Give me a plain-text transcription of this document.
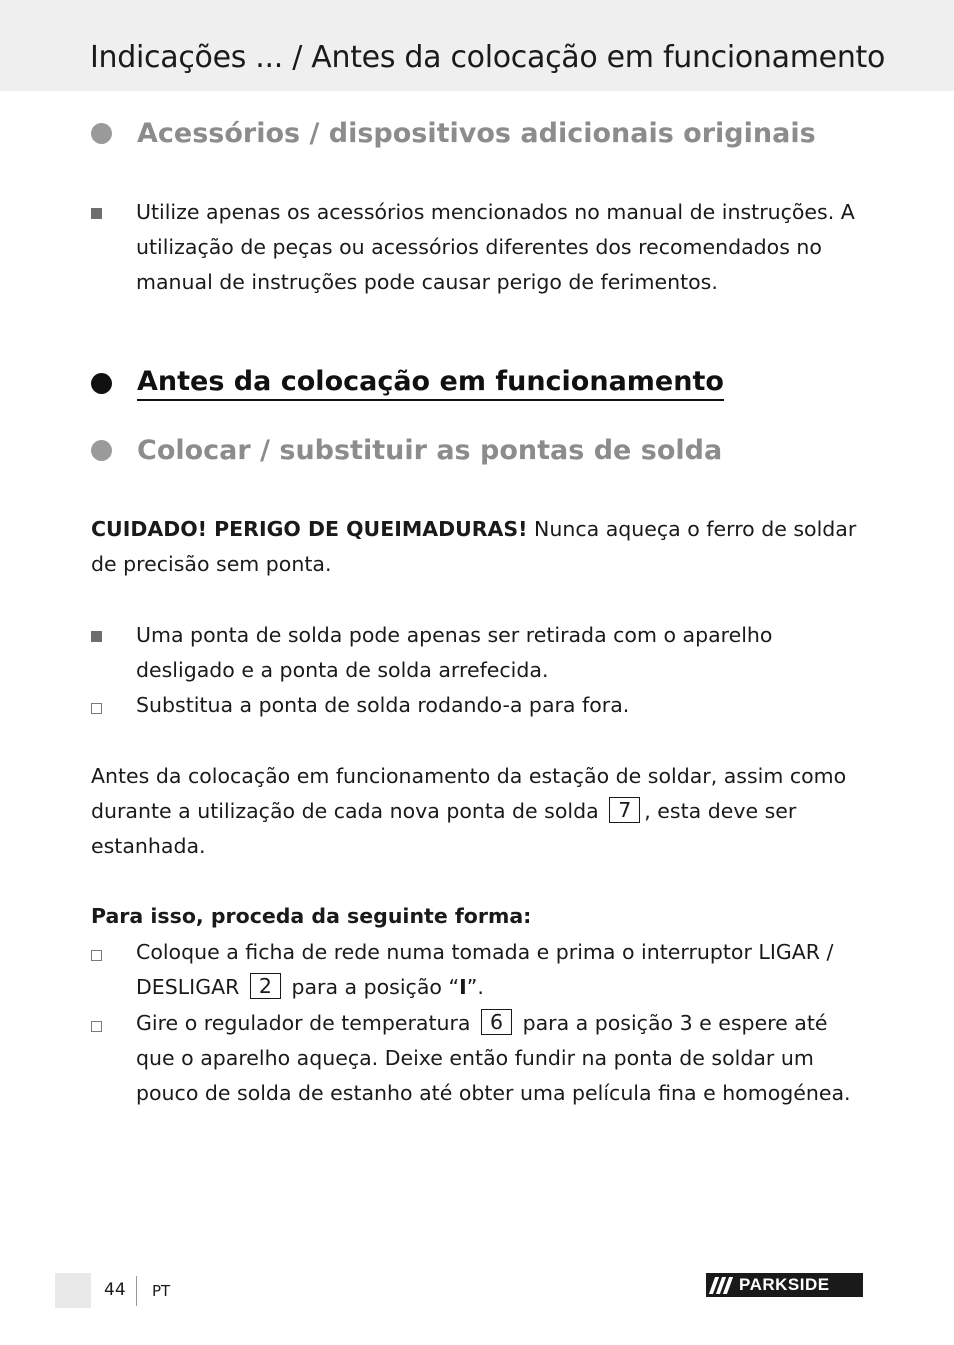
Indicações ... / Antes da colocação em funcionamento
Acessórios / dispositivos adicionais originais
Utilize apenas os acessórios mencionados no manual de instruções. A utilização de peças ou acessórios diferentes dos recomendados no manual de instruções pode causar perigo de ferimentos.
Antes da colocação em funcionamento
Colocar / substituir as pontas de solda
CUIDADO! PERIGO DE QUEIMADURAS! Nunca aqueça o ferro de soldar de precisão sem ponta.
Uma ponta de solda pode apenas ser retirada com o aparelho desligado e a ponta de solda arrefecida.
Substitua a ponta de solda rodando-a para fora.
Antes da colocação em funcionamento da estação de soldar, assim como durante a utilização de cada nova ponta de solda 7 , esta deve ser estanhada.
Para isso, proceda da seguinte forma:
Coloque a ficha de rede numa tomada e prima o interruptor LIGAR / DESLIGAR 2 para a posição “I”.
Gire o regulador de temperatura 6 para a posição 3 e espere até que o aparelho aqueça. Deixe então fundir na ponta de soldar um pouco de solda de estanho até obter uma película fina e homogénea.
44 PT	PARKSIDE
